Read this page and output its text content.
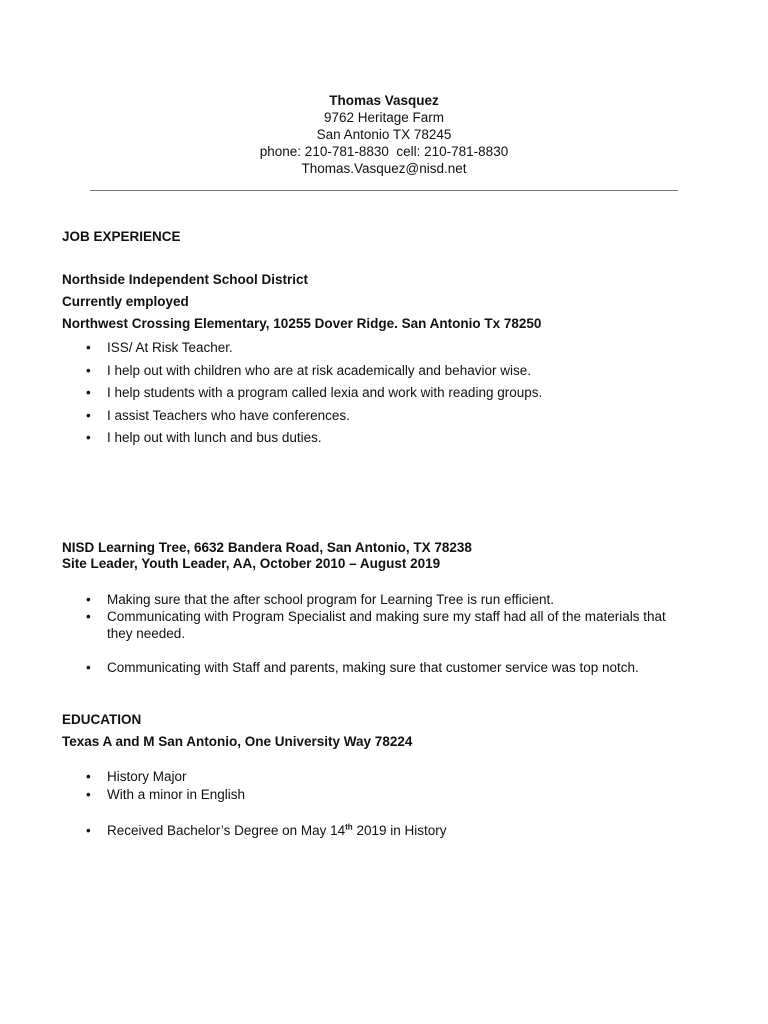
Thomas Vasquez
9762 Heritage Farm
San Antonio TX 78245
phone: 210-781-8830  cell: 210-781-8830
Thomas.Vasquez@nisd.net
JOB EXPERIENCE
Northside Independent School District
Currently employed
Northwest Crossing Elementary, 10255 Dover Ridge. San Antonio Tx 78250
• ISS/ At Risk Teacher.
• I help out with children who are at risk academically and behavior wise.
• I help students with a program called lexia and work with reading groups.
• I assist Teachers who have conferences.
• I help out with lunch and bus duties.
NISD Learning Tree, 6632 Bandera Road, San Antonio, TX 78238
Site Leader, Youth Leader, AA, October 2010 – August 2019
• Making sure that the after school program for Learning Tree is run efficient.
• Communicating with Program Specialist and making sure my staff had all of the materials that they needed.
• Communicating with Staff and parents, making sure that customer service was top notch.
EDUCATION
Texas A and M San Antonio, One University Way 78224
• History Major
• With a minor in English
• Received Bachelor’s Degree on May 14th 2019 in History
